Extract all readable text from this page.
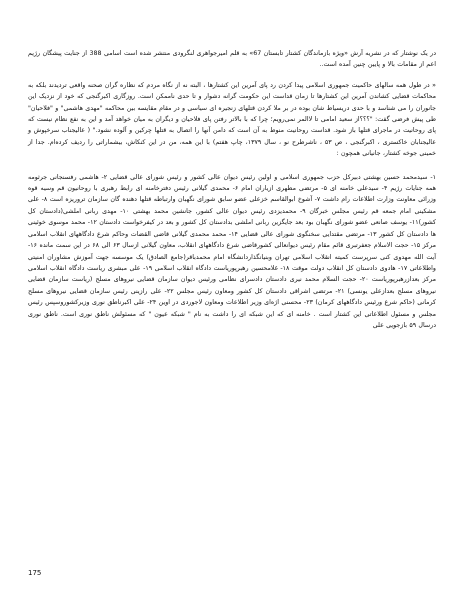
در یک نوشتار که در نشریه آرش «ویژه بازماندگان کشتار تابستان 67» به قلم امیرجواهری لنگرودی منتشر شده است اسامی 388 از جنایت پیشگان رژیم اعم از مقامات بالا و پایین چنین آمده است..

« در طول همه سالهای حاکمیت جمهوری اسلامی پیدا کردن رد پای آمرین این کشتارها ، البته نه از نگاه مردم که نظاره گران صحنه واقعی تردیدند بلکه به محاکمات قضایی کشاندن آمرین این کشتارها تا زمان قداست این حکومت گرانه دشوار و تا حدی ناممکن است. روزگاری اکبرگنجی که خود از نزدیک این جانوران را می شناسد و با حدی دریسیاط شان بوده در بر ملا کردن قتلهای زنجیره ای سیاسی و در مقام مقایسه بین محاکمه "مهدی هاشمی" و "فلاحیان" طی پیش فرضی گفت: "؟؟؟از سعید امامی تا لاالمر نمی‌رویم؛ چرا که با بالاتر رفتن پای فلاحیان و دیگران به میان خواهد آمد و این به نفع نظام نیست که پای روحانیت در ماجرای قتلها باز شود. قداست روحانیت منوط به آن است که دامن آنها را اتصال به قتلها چرکین و آلوده نشود." ( عالیجناب سرخپوش و عالیجنابان خاکستری ، اکبرگنجی ، ص ۵۳ ، ناشرطرح نو ، سال ۱۳۷۹، چاپ هفتم) با این همه، من در این کنکاش، بیشماراتی را ردیف کرده‌ام. جدا از خمینی جوخه کشتار، جانیانی همچون :

۱- سیدمحمد حسین بهشتی دبیرکل حزب جمهوری اسلامی و اولین رئیس دیوان عالی کشور و رئیس شورای عالی قضایی ۲- هاشمی رفسنجانی جرثومه همه جنایات رژیم ۴- سیدعلی خامنه ای ۵- مرتضی مطهری ازیاران امام ۶- محمدی گیلانی رئیس دفترخامنه ای رابط رهبری با روحانیون قم وسیه قوه وزرائی معاونت وزارت اطلاعات رام داشت ۷- آشوخ ابوالقاسم خزعلی عضو سابق شورای نگهبان وارتباطه قتلها دهنده گان سازمان تروریزه است ۸- علی مشکینی امام جمعه قم رئیس مجلس خبرگان ۹- محمدیزدی رئیس دیوان عالی کشور, جانشین محمد بهشتی ۱۰- مهدی ربانی املشی(دادستان کل کشور)۱۱- یوسف صانعی عضو شورای نگهبان بود بعد جایگزین ربانی املشی بدادستان کل کشور و بعد در کیفرخواست دادستان ۱۲- محمد موسوی خوئینی ها دادستان کل کشور ۱۳- مرتضی مقتدایی سخنگوی شورای عالی قضایی ۱۴- محمد محمدی گیلانی قاضی القضات وحاکم شرع دادگاههای انقلاب اسلامی مرکز ۱۵- حجت الاسلام جعفرتبری قائم مقام رئیس دیوانعالی کشورقاضی شرع دادگاههای انقلاب، معاون گیلانی ازسال ۶۳ الی ۶۸ در این سمت مانده ۱۶- آیت الله مهدوی کنی سرپرست کمیته انقلاب اسلامی تهران وبنیانگذاردانشگاه امام محمدباقر(جامع الصادق) یک موسسه جهت آموزش مشاوران امنیتی واطلاعاتی ۱۷- هادوی دادستان کل انقلاب دولت موقت ۱۸- غلامحسین رهبرپوریاست دادگاه انقلاب اسلامی ۱۹- علی مبشری ریاست دادگاه انقلاب اسلامی مرکز بعدازرهبرپوریاست ۲۰- حجت السلام محمد نیری دادستان دادسرای نظامی ورئیس دیوان سازمان قضایی نیروهای مسلح (ریاست سازمان قضایی نیروهای مسلح بعدازعلی یونسی) ۲۱- مرتضی اشراقی دادستان کل کشور ومعاون رئیس مجلس ۲۲- علی رازینی رئیس سازمان قضایی نیروهای مسلح کرمانی (حاکم شرع ورئیس دادگاههای کرمان) ۲۳- محسنی اژه‌ای وزیر اطلاعات ومعاون لاجوردی در اوین ۲۴- علی اکبرناطق نوری وزیرکشوروسپس رئیس مجلس و مسئول اطلاعاتی این کشتار است . خامنه ای که این شبکه ای را داشت به نام " شبکه عیون " که مسئولش ناطق نوری است. ناطق نوری درسال ۵۹ بازجویی علی

175
